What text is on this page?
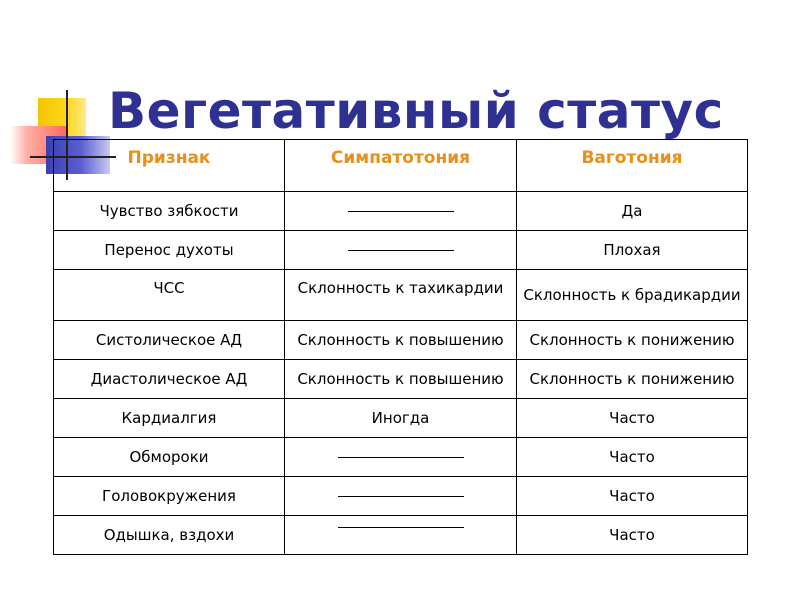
Вегетативный статус
Признак	Симпатотония	Ваготония
Чувство зябкости		Да
Перенос духоты		Плохая
ЧСС	Склонность к тахикардии	Склонность к брадикардии
Систолическое АД	Склонность к повышению	Склонность к понижению
Диастолическое АД	Склонность к повышению	Склонность к понижению
Кардиалгия	Иногда	Часто
Обмороки		Часто
Головокружения		Часто
Одышка, вздохи		Часто
